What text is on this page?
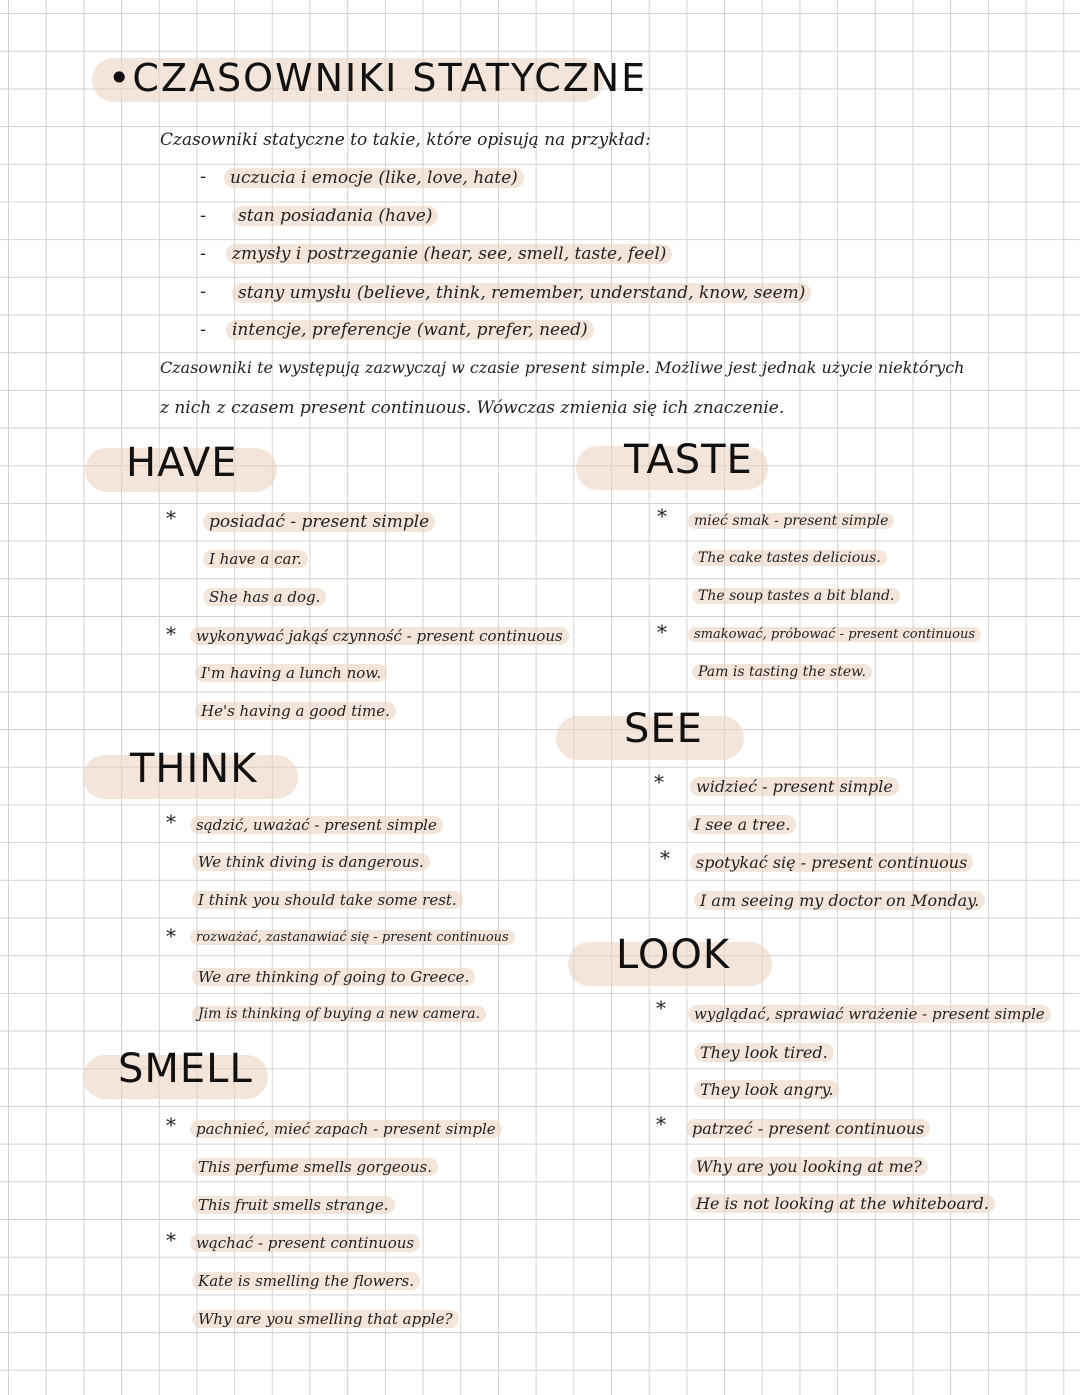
•CZASOWNIKI STATYCZNE
Czasowniki statyczne to takie, które opisują na przykład:
-	uczucia i emocje (like, love, hate)
-	stan posiadania (have)
-	zmysły i postrzeganie (hear, see, smell, taste, feel)
-	stany umysłu (believe, think, remember, understand, know, seem)
-	intencje, preferencje (want, prefer, need)
Czasowniki te występują zazwyczaj w czasie present simple. Możliwe jest jednak użycie niektórych
z nich z czasem present continuous. Wówczas zmienia się ich znaczenie.
HAVE
*	posiadać - present simple
I have a car.
She has a dog.
*	wykonywać jakąś czynność - present continuous
I'm having a lunch now.
He's having a good time.
THINK
*	sądzić, uważać - present simple
We think diving is dangerous.
I think you should take some rest.
*	rozważać, zastanawiać się - present continuous
We are thinking of going to Greece.
Jim is thinking of buying a new camera.
SMELL
*	pachnieć, mieć zapach - present simple
This perfume smells gorgeous.
This fruit smells strange.
*	wąchać - present continuous
Kate is smelling the flowers.
Why are you smelling that apple?
TASTE
*	mieć smak - present simple
The cake tastes delicious.
The soup tastes a bit bland.
*	smakować, próbować - present continuous
Pam is tasting the stew.
SEE
*	widzieć - present simple
I see a tree.
*	spotykać się - present continuous
I am seeing my doctor on Monday.
LOOK
*	wyglądać, sprawiać wrażenie - present simple
They look tired.
They look angry.
*	patrzeć - present continuous
Why are you looking at me?
He is not looking at the whiteboard.
